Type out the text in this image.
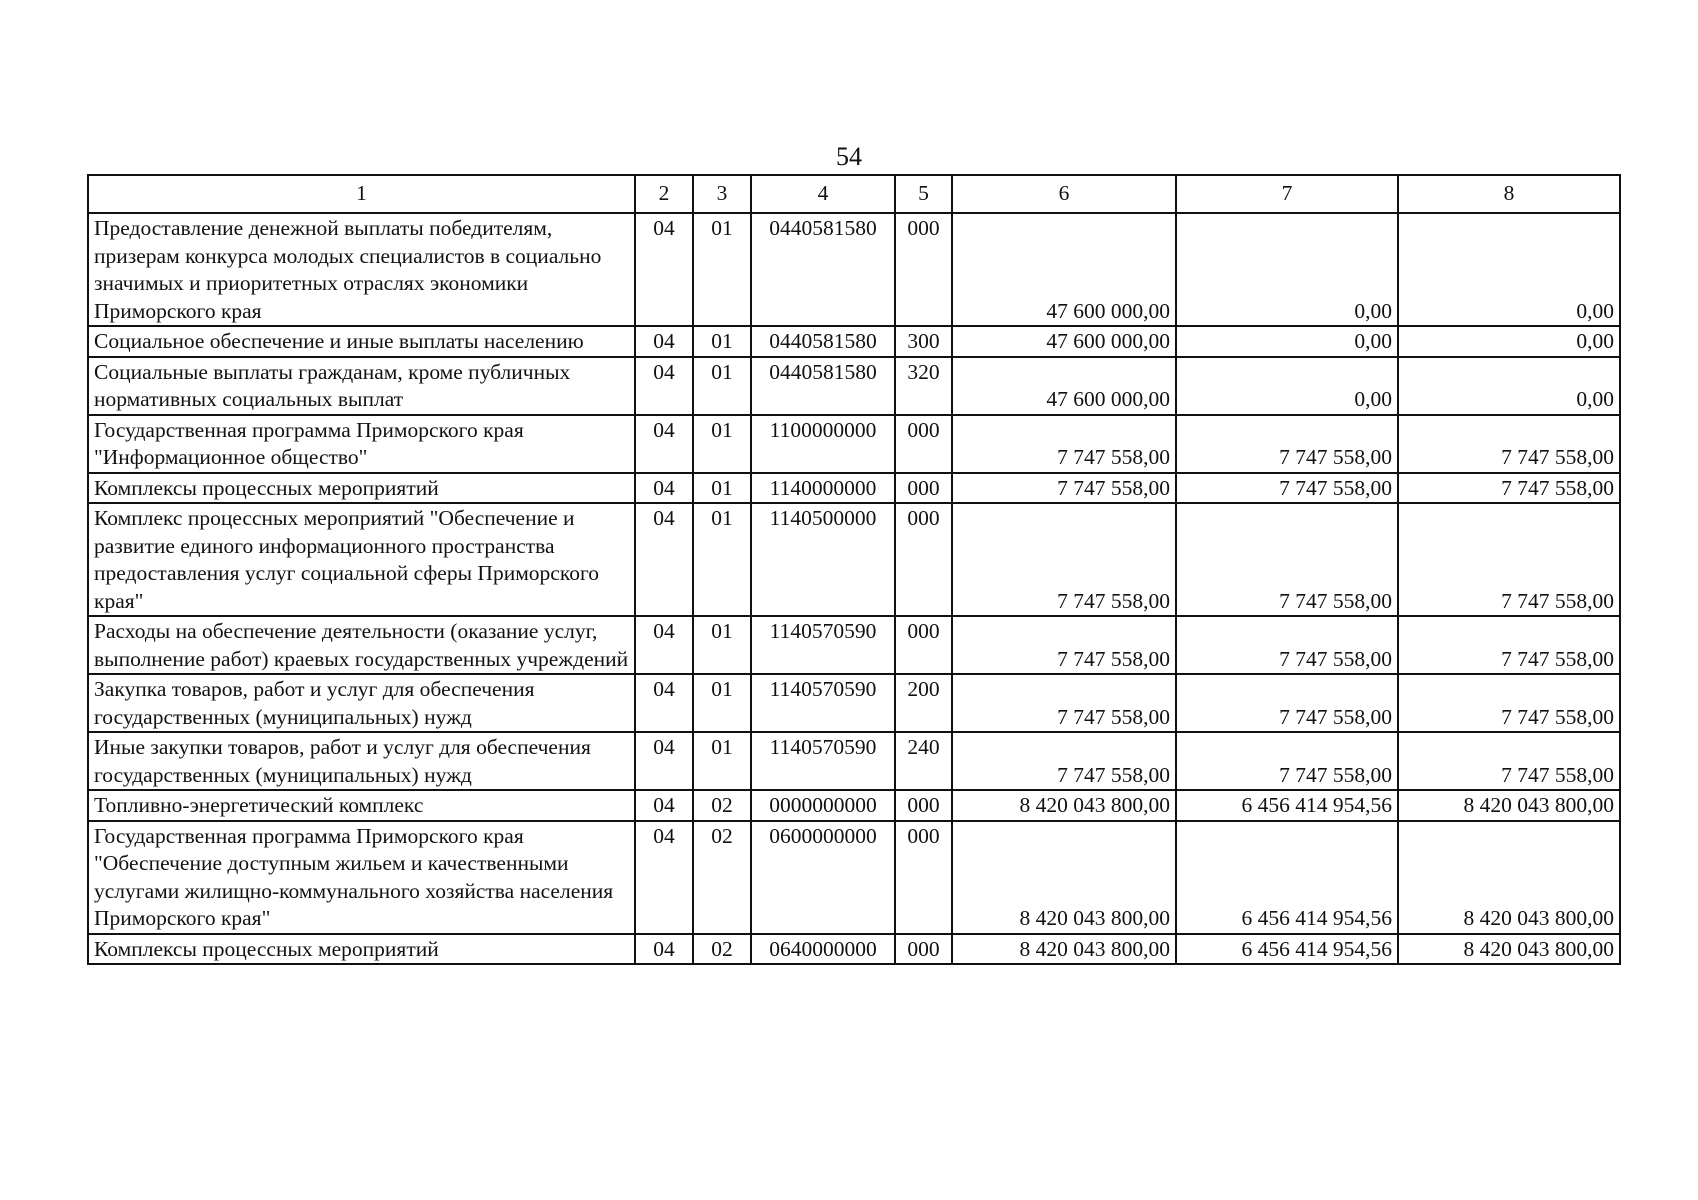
54
1	2	3	4	5	6	7	8
Предоставление денежной выплаты победителям, призерам конкурса молодых специалистов в социально значимых и приоритетных отраслях экономики Приморского края	04	01	0440581580	000	47 600 000,00	0,00	0,00
Социальное обеспечение и иные выплаты населению	04	01	0440581580	300	47 600 000,00	0,00	0,00
Социальные выплаты гражданам, кроме публичных нормативных социальных выплат	04	01	0440581580	320	47 600 000,00	0,00	0,00
Государственная программа Приморского края "Информационное общество"	04	01	1100000000	000	7 747 558,00	7 747 558,00	7 747 558,00
Комплексы процессных мероприятий	04	01	1140000000	000	7 747 558,00	7 747 558,00	7 747 558,00
Комплекс процессных мероприятий "Обеспечение и развитие единого информационного пространства предоставления услуг социальной сферы Приморского края"	04	01	1140500000	000	7 747 558,00	7 747 558,00	7 747 558,00
Расходы на обеспечение деятельности (оказание услуг, выполнение работ) краевых государственных учреждений	04	01	1140570590	000	7 747 558,00	7 747 558,00	7 747 558,00
Закупка товаров, работ и услуг для обеспечения государственных (муниципальных) нужд	04	01	1140570590	200	7 747 558,00	7 747 558,00	7 747 558,00
Иные закупки товаров, работ и услуг для обеспечения государственных (муниципальных) нужд	04	01	1140570590	240	7 747 558,00	7 747 558,00	7 747 558,00
Топливно-энергетический комплекс	04	02	0000000000	000	8 420 043 800,00	6 456 414 954,56	8 420 043 800,00
Государственная программа Приморского края "Обеспечение доступным жильем и качественными услугами жилищно-коммунального хозяйства населения Приморского края"	04	02	0600000000	000	8 420 043 800,00	6 456 414 954,56	8 420 043 800,00
Комплексы процессных мероприятий	04	02	0640000000	000	8 420 043 800,00	6 456 414 954,56	8 420 043 800,00
